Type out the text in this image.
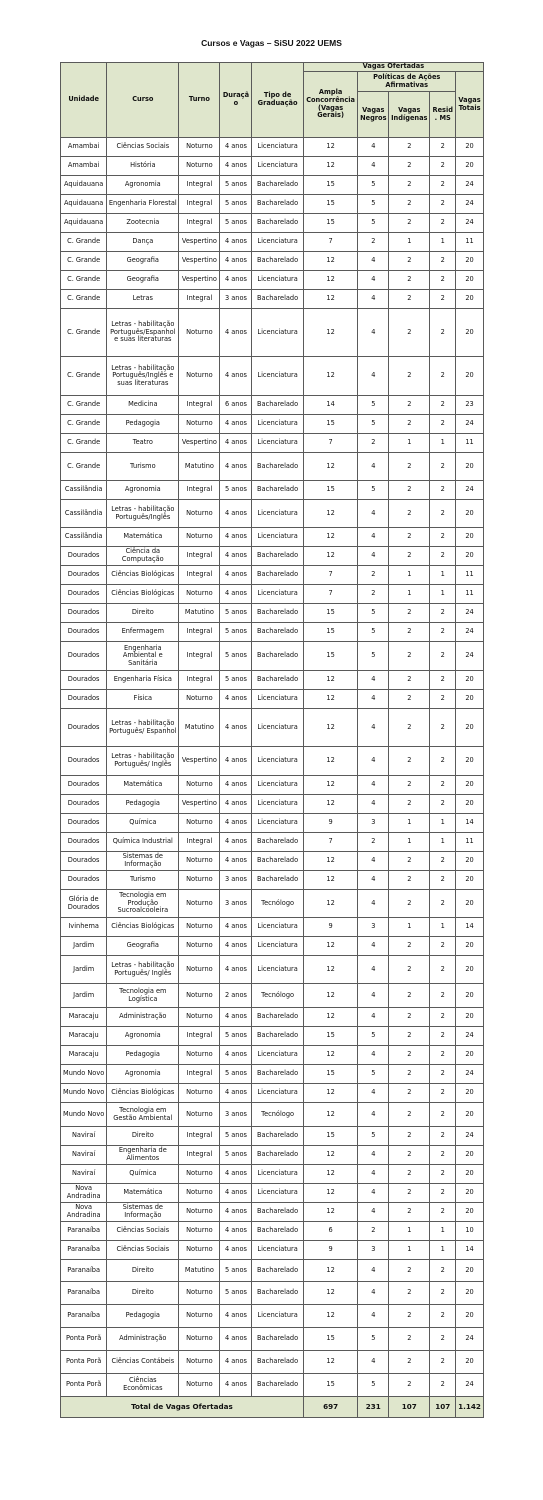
Cursos e Vagas – SiSU 2022 UEMS
Unidade	Curso	Turno	Duração	Tipo de Graduação	Vagas Ofertadas				
					Ampla Concorrência (Vagas Gerais)	Políticas de Ações Afirmativas			Vagas Totais
						Vagas Negros	Vagas Indígenas	Resid. MS	
Amambai	Ciências Sociais	Noturno	4 anos	Licenciatura	12	4	2	2	20
Amambai	História	Noturno	4 anos	Licenciatura	12	4	2	2	20
Aquidauana	Agronomia	Integral	5 anos	Bacharelado	15	5	2	2	24
Aquidauana	Engenharia Florestal	Integral	5 anos	Bacharelado	15	5	2	2	24
Aquidauana	Zootecnia	Integral	5 anos	Bacharelado	15	5	2	2	24
C. Grande	Dança	Vespertino	4 anos	Licenciatura	7	2	1	1	11
C. Grande	Geografia	Vespertino	4 anos	Bacharelado	12	4	2	2	20
C. Grande	Geografia	Vespertino	4 anos	Licenciatura	12	4	2	2	20
C. Grande	Letras	Integral	3 anos	Bacharelado	12	4	2	2	20
C. Grande	Letras - habilitação Português/Espanhol e suas literaturas	Noturno	4 anos	Licenciatura	12	4	2	2	20
C. Grande	Letras - habilitação Português/Inglês e suas literaturas	Noturno	4 anos	Licenciatura	12	4	2	2	20
C. Grande	Medicina	Integral	6 anos	Bacharelado	14	5	2	2	23
C. Grande	Pedagogia	Noturno	4 anos	Licenciatura	15	5	2	2	24
C. Grande	Teatro	Vespertino	4 anos	Licenciatura	7	2	1	1	11
C. Grande	Turismo	Matutino	4 anos	Bacharelado	12	4	2	2	20
Cassilândia	Agronomia	Integral	5 anos	Bacharelado	15	5	2	2	24
Cassilândia	Letras - habilitação Português/Inglês	Noturno	4 anos	Licenciatura	12	4	2	2	20
Cassilândia	Matemática	Noturno	4 anos	Licenciatura	12	4	2	2	20
Dourados	Ciência da Computação	Integral	4 anos	Bacharelado	12	4	2	2	20
Dourados	Ciências Biológicas	Integral	4 anos	Bacharelado	7	2	1	1	11
Dourados	Ciências Biológicas	Noturno	4 anos	Licenciatura	7	2	1	1	11
Dourados	Direito	Matutino	5 anos	Bacharelado	15	5	2	2	24
Dourados	Enfermagem	Integral	5 anos	Bacharelado	15	5	2	2	24
Dourados	Engenharia Ambiental e Sanitária	Integral	5 anos	Bacharelado	15	5	2	2	24
Dourados	Engenharia Física	Integral	5 anos	Bacharelado	12	4	2	2	20
Dourados	Física	Noturno	4 anos	Licenciatura	12	4	2	2	20
Dourados	Letras - habilitação Português/ Espanhol	Matutino	4 anos	Licenciatura	12	4	2	2	20
Dourados	Letras - habilitação Português/ Inglês	Vespertino	4 anos	Licenciatura	12	4	2	2	20
Dourados	Matemática	Noturno	4 anos	Licenciatura	12	4	2	2	20
Dourados	Pedagogia	Vespertino	4 anos	Licenciatura	12	4	2	2	20
Dourados	Química	Noturno	4 anos	Licenciatura	9	3	1	1	14
Dourados	Química Industrial	Integral	4 anos	Bacharelado	7	2	1	1	11
Dourados	Sistemas de Informação	Noturno	4 anos	Bacharelado	12	4	2	2	20
Dourados	Turismo	Noturno	3 anos	Bacharelado	12	4	2	2	20
Glória de Dourados	Tecnologia em Produção Sucroalcooleira	Noturno	3 anos	Tecnólogo	12	4	2	2	20
Ivinhema	Ciências Biológicas	Noturno	4 anos	Licenciatura	9	3	1	1	14
Jardim	Geografia	Noturno	4 anos	Licenciatura	12	4	2	2	20
Jardim	Letras - habilitação Português/ Inglês	Noturno	4 anos	Licenciatura	12	4	2	2	20
Jardim	Tecnologia em Logística	Noturno	2 anos	Tecnólogo	12	4	2	2	20
Maracaju	Administração	Noturno	4 anos	Bacharelado	12	4	2	2	20
Maracaju	Agronomia	Integral	5 anos	Bacharelado	15	5	2	2	24
Maracaju	Pedagogia	Noturno	4 anos	Licenciatura	12	4	2	2	20
Mundo Novo	Agronomia	Integral	5 anos	Bacharelado	15	5	2	2	24
Mundo Novo	Ciências Biológicas	Noturno	4 anos	Licenciatura	12	4	2	2	20
Mundo Novo	Tecnologia em Gestão Ambiental	Noturno	3 anos	Tecnólogo	12	4	2	2	20
Naviraí	Direito	Integral	5 anos	Bacharelado	15	5	2	2	24
Naviraí	Engenharia de Alimentos	Integral	5 anos	Bacharelado	12	4	2	2	20
Naviraí	Química	Noturno	4 anos	Licenciatura	12	4	2	2	20
Nova Andradina	Matemática	Noturno	4 anos	Licenciatura	12	4	2	2	20
Nova Andradina	Sistemas de Informação	Noturno	4 anos	Bacharelado	12	4	2	2	20
Paranaíba	Ciências Sociais	Noturno	4 anos	Bacharelado	6	2	1	1	10
Paranaíba	Ciências Sociais	Noturno	4 anos	Licenciatura	9	3	1	1	14
Paranaíba	Direito	Matutino	5 anos	Bacharelado	12	4	2	2	20
Paranaíba	Direito	Noturno	5 anos	Bacharelado	12	4	2	2	20
Paranaíba	Pedagogia	Noturno	4 anos	Licenciatura	12	4	2	2	20
Ponta Porã	Administração	Noturno	4 anos	Bacharelado	15	5	2	2	24
Ponta Porã	Ciências Contábeis	Noturno	4 anos	Bacharelado	12	4	2	2	20
Ponta Porã	Ciências Econômicas	Noturno	4 anos	Bacharelado	15	5	2	2	24
Total de Vagas Ofertadas					697	231	107	107	1.142
